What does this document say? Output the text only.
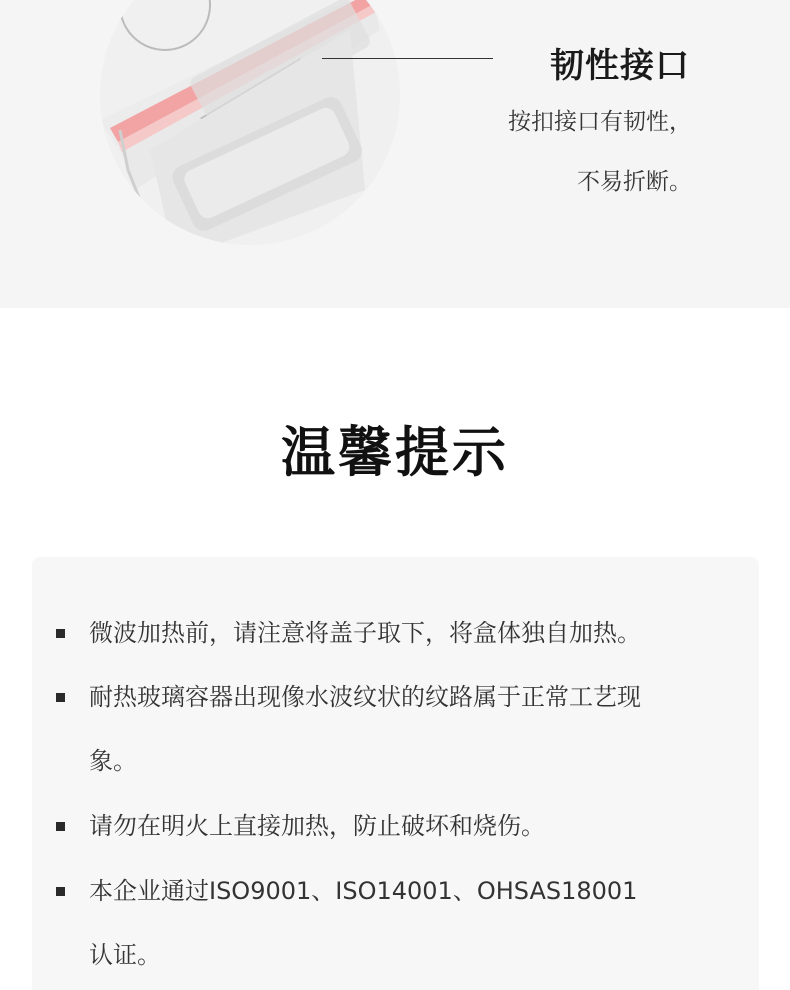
韧性接口
按扣接口有韧性，
不易折断。
温馨提示
微波加热前，请注意将盖子取下，将盒体独自加热。
耐热玻璃容器出现像水波纹状的纹路属于正常工艺现
象。
请勿在明火上直接加热，防止破坏和烧伤。
本企业通过ISO9001、ISO14001、OHSAS18001
认证。
